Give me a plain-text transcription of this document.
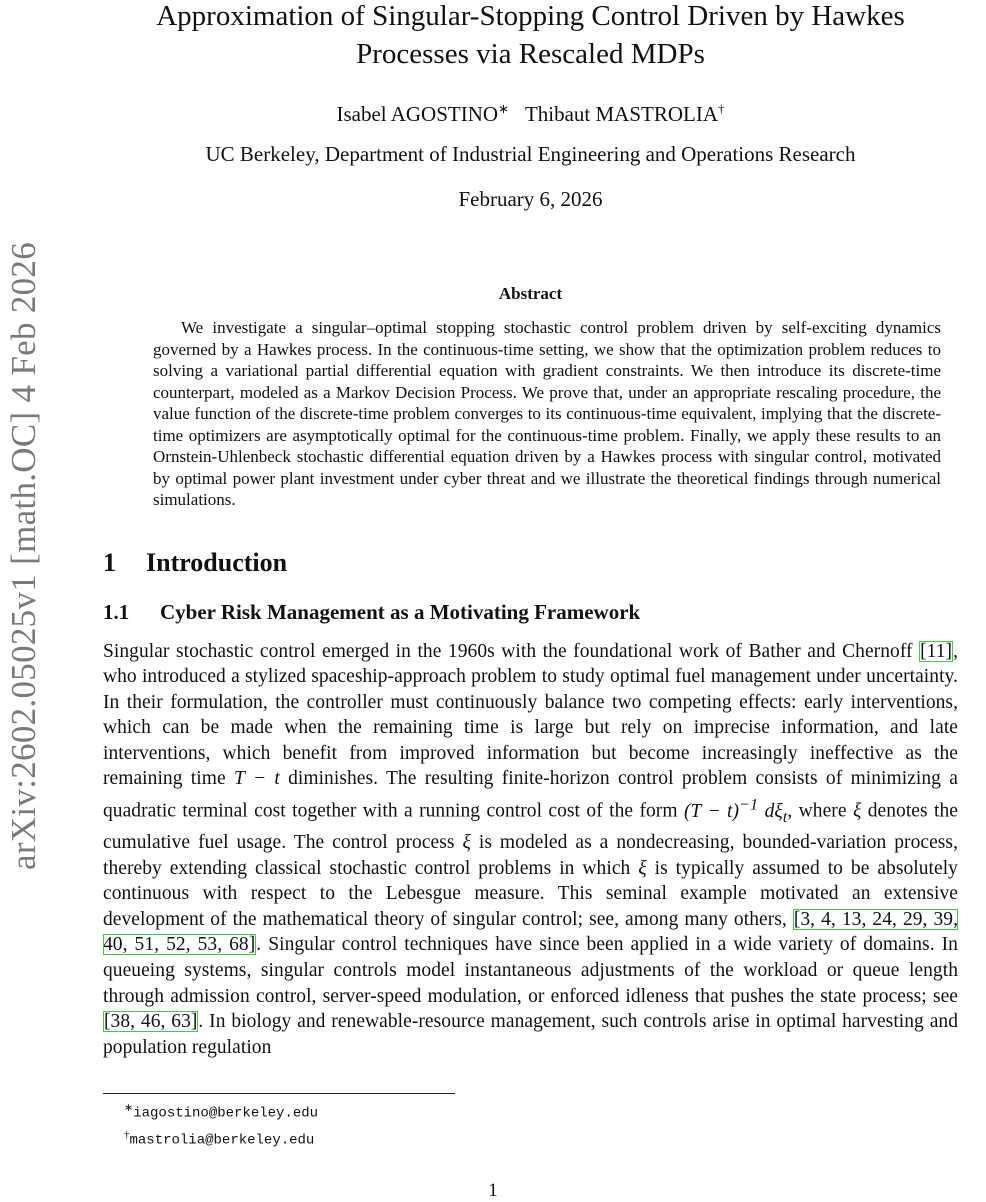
arXiv:2602.05025v1 [math.OC] 4 Feb 2026
Approximation of Singular-Stopping Control Driven by Hawkes Processes via Rescaled MDPs
Isabel AGOSTINO∗ Thibaut MASTROLIA†
UC Berkeley, Department of Industrial Engineering and Operations Research
February 6, 2026
Abstract
We investigate a singular–optimal stopping stochastic control problem driven by self-exciting dynamics governed by a Hawkes process. In the continuous-time setting, we show that the optimization problem reduces to solving a variational partial differential equation with gradient constraints. We then introduce its discrete-time counterpart, modeled as a Markov Decision Process. We prove that, under an appropriate rescaling procedure, the value function of the discrete-time problem converges to its continuous-time equivalent, implying that the discrete-time optimizers are asymptotically optimal for the continuous-time problem. Finally, we apply these results to an Ornstein-Uhlenbeck stochastic differential equation driven by a Hawkes process with singular control, motivated by optimal power plant investment under cyber threat and we illustrate the theoretical findings through numerical simulations.
1 Introduction
1.1 Cyber Risk Management as a Motivating Framework
Singular stochastic control emerged in the 1960s with the foundational work of Bather and Chernoff [11], who introduced a stylized spaceship-approach problem to study optimal fuel management under uncertainty. In their formulation, the controller must continuously balance two competing effects: early interventions, which can be made when the remaining time is large but rely on imprecise information, and late interventions, which benefit from improved information but become increasingly ineffective as the remaining time T − t diminishes. The resulting finite-horizon control problem consists of minimizing a quadratic terminal cost together with a running control cost of the form $(T - t)^{-1}$ $d\xi_t$, where ξ denotes the cumulative fuel usage. The control process ξ is modeled as a nondecreasing, bounded-variation process, thereby extending classical stochastic control problems in which ξ is typically assumed to be absolutely continuous with respect to the Lebesgue measure. This seminal example motivated an extensive development of the mathematical theory of singular control; see, among many others, [3, 4, 13, 24, 29, 39, 40, 51, 52, 53, 68]. Singular control techniques have since been applied in a wide variety of domains. In queueing systems, singular controls model instantaneous adjustments of the workload or queue length through admission control, server-speed modulation, or enforced idleness that pushes the state process; see [38, 46, 63]. In biology and renewable-resource management, such controls arise in optimal harvesting and population regulation
∗iagostino@berkeley.edu
†mastrolia@berkeley.edu
1
